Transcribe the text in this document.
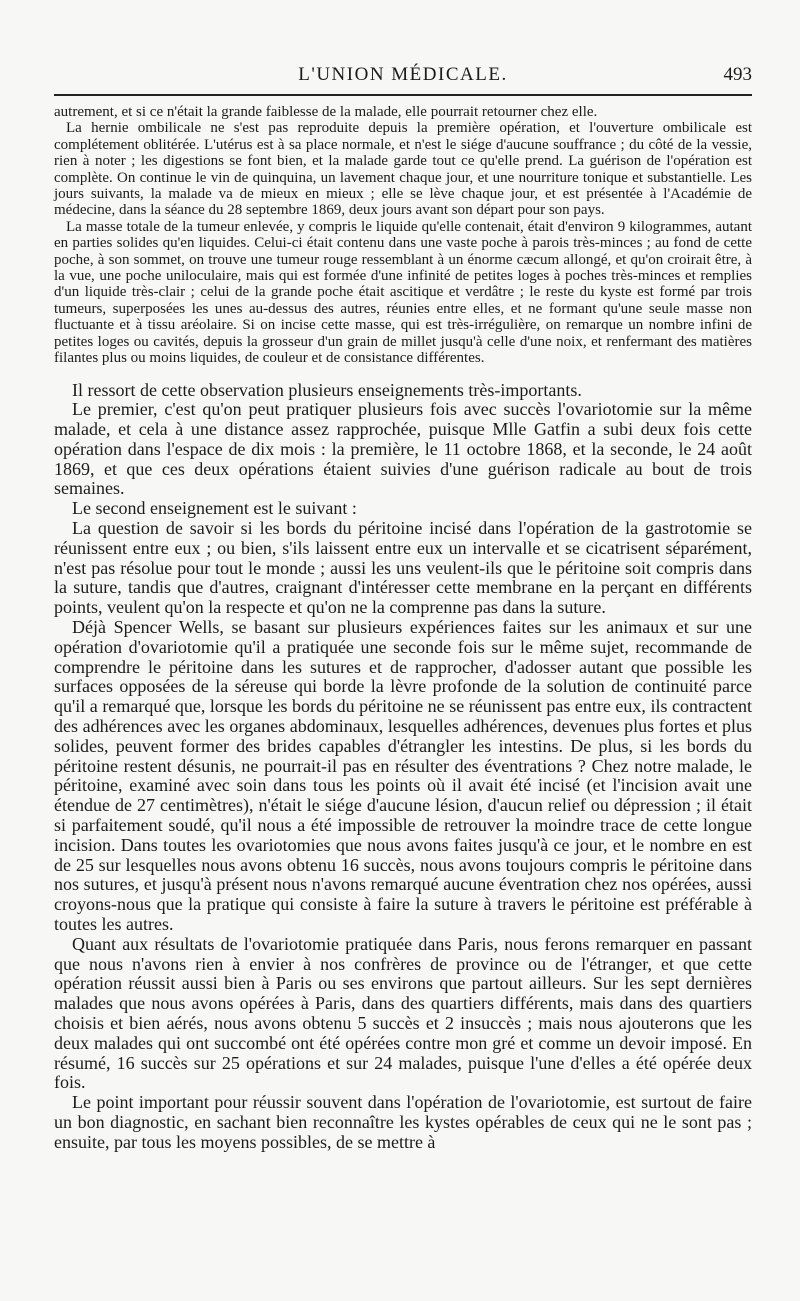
L'UNION MÉDICALE.	493

autrement, et si ce n'était la grande faiblesse de la malade, elle pourrait retourner chez elle.

La hernie ombilicale ne s'est pas reproduite depuis la première opération, et l'ouverture ombilicale est complétement oblitérée. L'utérus est à sa place normale, et n'est le siége d'aucune souffrance ; du côté de la vessie, rien à noter ; les digestions se font bien, et la malade garde tout ce qu'elle prend. La guérison de l'opération est complète. On continue le vin de quinquina, un lavement chaque jour, et une nourriture tonique et substantielle. Les jours suivants, la malade va de mieux en mieux ; elle se lève chaque jour, et est présentée à l'Académie de médecine, dans la séance du 28 septembre 1869, deux jours avant son départ pour son pays.

La masse totale de la tumeur enlevée, y compris le liquide qu'elle contenait, était d'environ 9 kilogrammes, autant en parties solides qu'en liquides. Celui-ci était contenu dans une vaste poche à parois très-minces ; au fond de cette poche, à son sommet, on trouve une tumeur rouge ressemblant à un énorme cæcum allongé, et qu'on croirait être, à la vue, une poche uniloculaire, mais qui est formée d'une infinité de petites loges à poches très-minces et remplies d'un liquide très-clair ; celui de la grande poche était ascitique et verdâtre ; le reste du kyste est formé par trois tumeurs, superposées les unes au-dessus des autres, réunies entre elles, et ne formant qu'une seule masse non fluctuante et à tissu aréolaire. Si on incise cette masse, qui est très-irrégulière, on remarque un nombre infini de petites loges ou cavités, depuis la grosseur d'un grain de millet jusqu'à celle d'une noix, et renfermant des matières filantes plus ou moins liquides, de couleur et de consistance différentes.

Il ressort de cette observation plusieurs enseignements très-importants.

Le premier, c'est qu'on peut pratiquer plusieurs fois avec succès l'ovariotomie sur la même malade, et cela à une distance assez rapprochée, puisque Mlle Gatfin a subi deux fois cette opération dans l'espace de dix mois : la première, le 11 octobre 1868, et la seconde, le 24 août 1869, et que ces deux opérations étaient suivies d'une guérison radicale au bout de trois semaines.

Le second enseignement est le suivant :

La question de savoir si les bords du péritoine incisé dans l'opération de la gastrotomie se réunissent entre eux ; ou bien, s'ils laissent entre eux un intervalle et se cicatrisent séparément, n'est pas résolue pour tout le monde ; aussi les uns veulent-ils que le péritoine soit compris dans la suture, tandis que d'autres, craignant d'intéresser cette membrane en la perçant en différents points, veulent qu'on la respecte et qu'on ne la comprenne pas dans la suture.

Déjà Spencer Wells, se basant sur plusieurs expériences faites sur les animaux et sur une opération d'ovariotomie qu'il a pratiquée une seconde fois sur le même sujet, recommande de comprendre le péritoine dans les sutures et de rapprocher, d'adosser autant que possible les surfaces opposées de la séreuse qui borde la lèvre profonde de la solution de continuité parce qu'il a remarqué que, lorsque les bords du péritoine ne se réunissent pas entre eux, ils contractent des adhérences avec les organes abdominaux, lesquelles adhérences, devenues plus fortes et plus solides, peuvent former des brides capables d'étrangler les intestins. De plus, si les bords du péritoine restent désunis, ne pourrait-il pas en résulter des éventrations ? Chez notre malade, le péritoine, examiné avec soin dans tous les points où il avait été incisé (et l'incision avait une étendue de 27 centimètres), n'était le siége d'aucune lésion, d'aucun relief ou dépression ; il était si parfaitement soudé, qu'il nous a été impossible de retrouver la moindre trace de cette longue incision. Dans toutes les ovariotomies que nous avons faites jusqu'à ce jour, et le nombre en est de 25 sur lesquelles nous avons obtenu 16 succès, nous avons toujours compris le péritoine dans nos sutures, et jusqu'à présent nous n'avons remarqué aucune éventration chez nos opérées, aussi croyons-nous que la pratique qui consiste à faire la suture à travers le péritoine est préférable à toutes les autres.

Quant aux résultats de l'ovariotomie pratiquée dans Paris, nous ferons remarquer en passant que nous n'avons rien à envier à nos confrères de province ou de l'étranger, et que cette opération réussit aussi bien à Paris ou ses environs que partout ailleurs. Sur les sept dernières malades que nous avons opérées à Paris, dans des quartiers différents, mais dans des quartiers choisis et bien aérés, nous avons obtenu 5 succès et 2 insuccès ; mais nous ajouterons que les deux malades qui ont succombé ont été opérées contre mon gré et comme un devoir imposé. En résumé, 16 succès sur 25 opérations et sur 24 malades, puisque l'une d'elles a été opérée deux fois.

Le point important pour réussir souvent dans l'opération de l'ovariotomie, est surtout de faire un bon diagnostic, en sachant bien reconnaître les kystes opérables de ceux qui ne le sont pas ; ensuite, par tous les moyens possibles, de se mettre à
